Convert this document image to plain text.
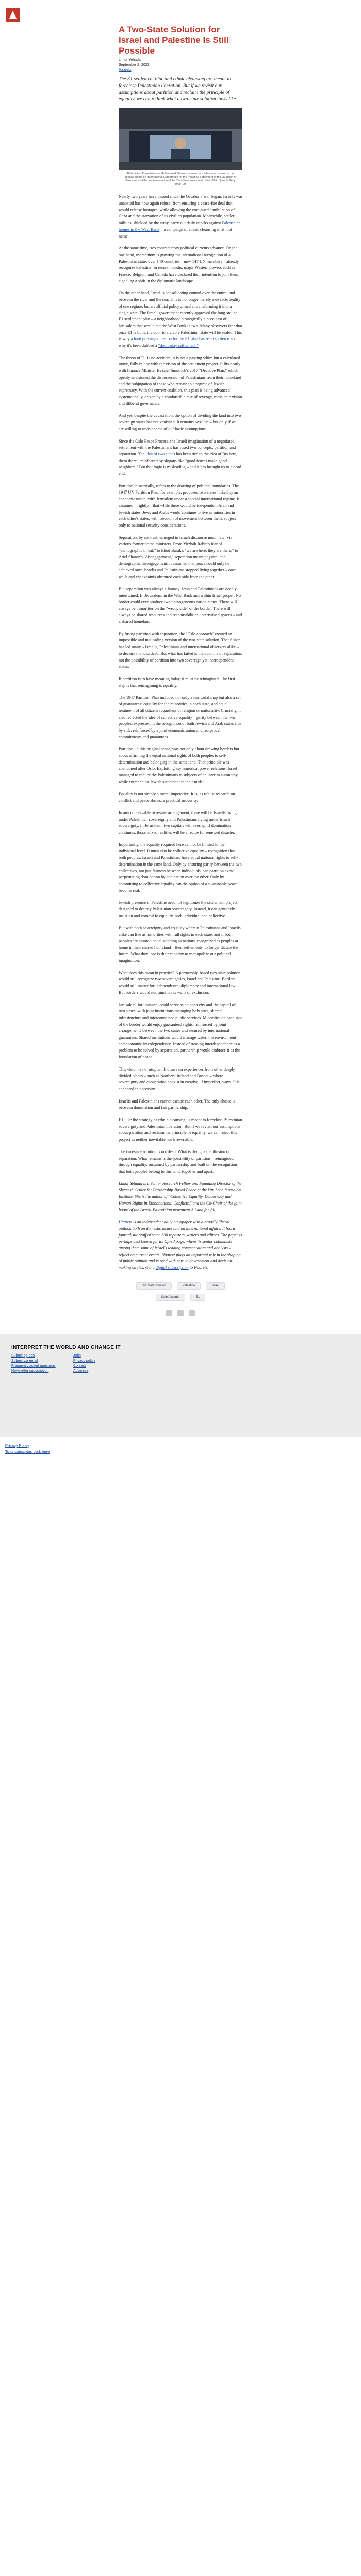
A Two-State Solution for Israel and Palestine Is Still Possible
Limor Yehuda
September 2, 2023
Haaretz

The E1 settlement bloc and ethnic cleansing are meant to foreclose Palestinian liberation. But if we revisit our assumptions about partition and reclaim the principle of equality, we can rethink what a two-state solution looks like.

Palestinian Prime Minister Mohammed Shtayeh is seen on a television monitor as he speaks during an International Conference for the Peaceful Settlement of the Question of Palestine and the Implementation of the Two-State solution at United Nat... (credit Getty Ima~ 09

Nearly two years have passed since the October 7 war began. Israel's war unabated has now again refusal from ensuring a cease-fire deal that would release hostages, while allowing the continued annihilation of Gaza and the starvation of its civilian population. Meanwhile, settler militias, shielded by the army, carry out daily attacks against Palestinian homes in the West Bank – a campaign of ethnic cleansing in all but name.

At the same time, two contradictory political currents advance. On the one hand, momentum is growing for international recognition of a Palestinian state: over 140 countries – now 147 UN members – already recognize Palestine. In recent months, major Western powers such as France, Belgium and Canada have declared their intention to join them, signaling a shift in the diplomatic landscape.

On the other hand, Israel is consolidating control over the entire land between the river and the sea. This is no longer merely a de facto reality of one regime, but an official policy aimed at transforming it into a single state. The Israeli government recently approved the long-stalled E1 settlement plan – a neighborhood strategically placed east of Jerusalem that would cut the West Bank in two. Many observers fear that once E1 is built, the door to a viable Palestinian state will be sealed. This is why a hard pressing question for the E1 plan has been so fierce and why it's been dubbed a "doomsday settlement."

The threat of E1 is no accident; it is not a passing whim but a calculated move, fully in line with the vision of the settlement project. It fits neatly with Finance Minister Bezalel Smotrich's 2017 "Decisive Plan," which openly envisioned the dispossession of Palestinians from their homeland and the subjugation of those who remain to a regime of Jewish supremacy. With the current coalition, this plan is being advanced systematically, driven by a combustible mix of revenge, messianic vision and illiberal governance.

And yet, despite the devastation, the option of dividing the land into two sovereign states has not vanished. It remains possible – but only if we are willing to revisit some of our basic assumptions.

Since the Oslo Peace Process, the Israeli imagination of a negotiated settlement with the Palestinians has fused two concepts: partition and separation. The idea of two states has been tied to the idea of "us here, them there," reinforced by slogans like "good fences make good neighbors." But that logic is misleading – and it has brought us to a dead end.

Partition, historically, refers to the drawing of political boundaries. The 1947 UN Partition Plan, for example, proposed two states linked by an economic union, with Jerusalem under a special international regime. It assumed – rightly – that while there would be independent Arab and Jewish states, Jews and Arabs would continue to live as minorities in each other's states, with freedom of movement between them, subject only to national security considerations.

Separation, by contrast, emerged in Israeli discourse much later via various former prime ministers. From Yitzhak Rabin's fear of "demographic threat," to Ehud Barak's "we are here, they are there," to Ariel Sharon's "disengagement," separation meant physical and demographic disengagement. It assumed that peace could only be achieved once Israelis and Palestinians stopped living together – once walls and checkpoints obscured each side from the other.

But separation was always a fantasy. Jews and Palestinians are deeply intertwined. In Jerusalem, in the West Bank and within Israel proper. No border could ever produce two homogeneous nation-states. There will always be minorities on the "wrong side" of the border. There will always be shared resources and responsibilities, intertwined spaces – and a shared homeland.

By fusing partition with separation, the "Oslo approach" created an impossible and misleading version of the two-state solution. That fusion has led many – Israelis, Palestinians and international observers alike – to declare the idea dead. But what has failed is the doctrine of separation, not the possibility of partition into two sovereign yet interdependent states.

If partition is to have meaning today, it must be reimagined. The first step is that reimagining is equality.

The 1947 Partition Plan included not only a territorial map but also a set of guarantees: equality for the minorities in each state, and equal treatment of all citizens regardless of religion or nationality. Crucially, it also reflected the idea of collective equality – parity between the two peoples, expressed in the recognition of both Jewish and Arab states side by side, reinforced by a joint economic union and reciprocal commitments and guarantees.

Partition, in this original sense, was not only about drawing borders but about affirming the equal national rights of both peoples to self-determination and belonging in the same land. That principle was abandoned after Oslo. Exploiting asymmetrical power relations, Israel managed to reduce the Palestinians to subjects of an interim autonomy, while entrenching Jewish settlement in their midst.

Equality is not simply a moral imperative. It is, as robust research on conflict and peace shows, a practical necessity.

In any conceivable two-state arrangement, there will be Israelis living under Palestinian sovereignty and Palestinians living under Israeli sovereignty. In Jerusalem, two capitals will overlap. If domination continues, those mixed realities will be a recipe for renewed disaster.

Importantly, the equality required here cannot be limited to the individual level. It must also be collective equality – recognition that both peoples, Israeli and Palestinian, have equal national rights to self-determination in the same land. Only by ensuring parity between the two collectives, not just fairness between individuals, can partition avoid perpetuating domination by one nation over the other. Only by committing to collective equality can the option of a sustainable peace become real.

Jewish presence in Palestine need not legitimize the settlement project, designed to destroy Palestinian sovereignty. Instead, it can genuinely insist on and commit to equality, both individual and collective.

But with both sovereignty and equality wherein Palestinians and Israelis alike can live as minorities with full rights in each state, and if both peoples are assured equal standing as nations, recognized as peoples at home in their shared homeland – then settlements no longer dictate the future. What they lose is their capacity to monopolize our political imagination.

What does this mean in practice? A partnership-based two-state solution would still recognize two sovereignties, Israel and Palestine. Borders would still matter for independence, diplomacy and international law. But borders would not function as walls of exclusion.

Jerusalem, for instance, could serve as an open city and the capital of two states, with joint institutions managing holy sites, shared infrastructure and interconnected public services. Minorities on each side of the border would enjoy guaranteed rights, reinforced by joint arrangements between the two states and secured by international guarantees. Shared institutions would manage water, the environment and economic interdependence. Instead of treating interdependence as a problem to be solved by separation, partnership would embrace it as the foundation of peace.

This vision is not utopian. It draws on experiences from other deeply divided places – such as Northern Ireland and Bosnia – where sovereignty and cooperation coexist in creative, if imperfect, ways. It is anchored in necessity.

Israelis and Palestinians cannot escape each other. The only choice is between domination and fair partnership.

E1, like the strategy of ethnic cleansing, is meant to foreclose Palestinian sovereignty and Palestinian liberation. But if we revisit our assumptions about partition and reclaim the principle of equality, we can reject this project as neither inevitable nor irreversible.

The two-state solution is not dead. What is dying is the illusion of separation. What remains is the possibility of partition – reimagined through equality, sustained by partnership and built on the recognition that both peoples belong to this land, together and apart.

Limor Yehuda is a Senior Research Fellow and Founding Director of the Shemesh Center for Partnership-Based Peace at the Van Leer Jerusalem Institute. She is the author of "Collective Equality, Democracy and Human Rights in Ethnonational Conflicts," and the Co-Chair of the joint board of the Israeli-Palestinian movement A Land for All.

Haaretz is an independent daily newspaper with a broadly liberal outlook both on domestic issues and on international affairs. It has a journalistic staff of some 330 reporters, writers and editors. The paper is perhaps best known for its Op-ed page, where its senior columnists – among them some of Israel's leading commentators and analysts – reflect on current events. Haaretz plays an important role in the shaping of public opinion and is read with care in government and decision-making circles. Get a digital subscription to Haaretz.

two-state solution	Palestine	Israel
Oslo Accords	E1

INTERPRET THE WORLD AND CHANGE IT
Submit op-eds
Submit via email
Frequently asked questions
Newsletter subscription
Jobs
Privacy policy
Contact
Advertise
Privacy Policy
To unsubscribe, click here
